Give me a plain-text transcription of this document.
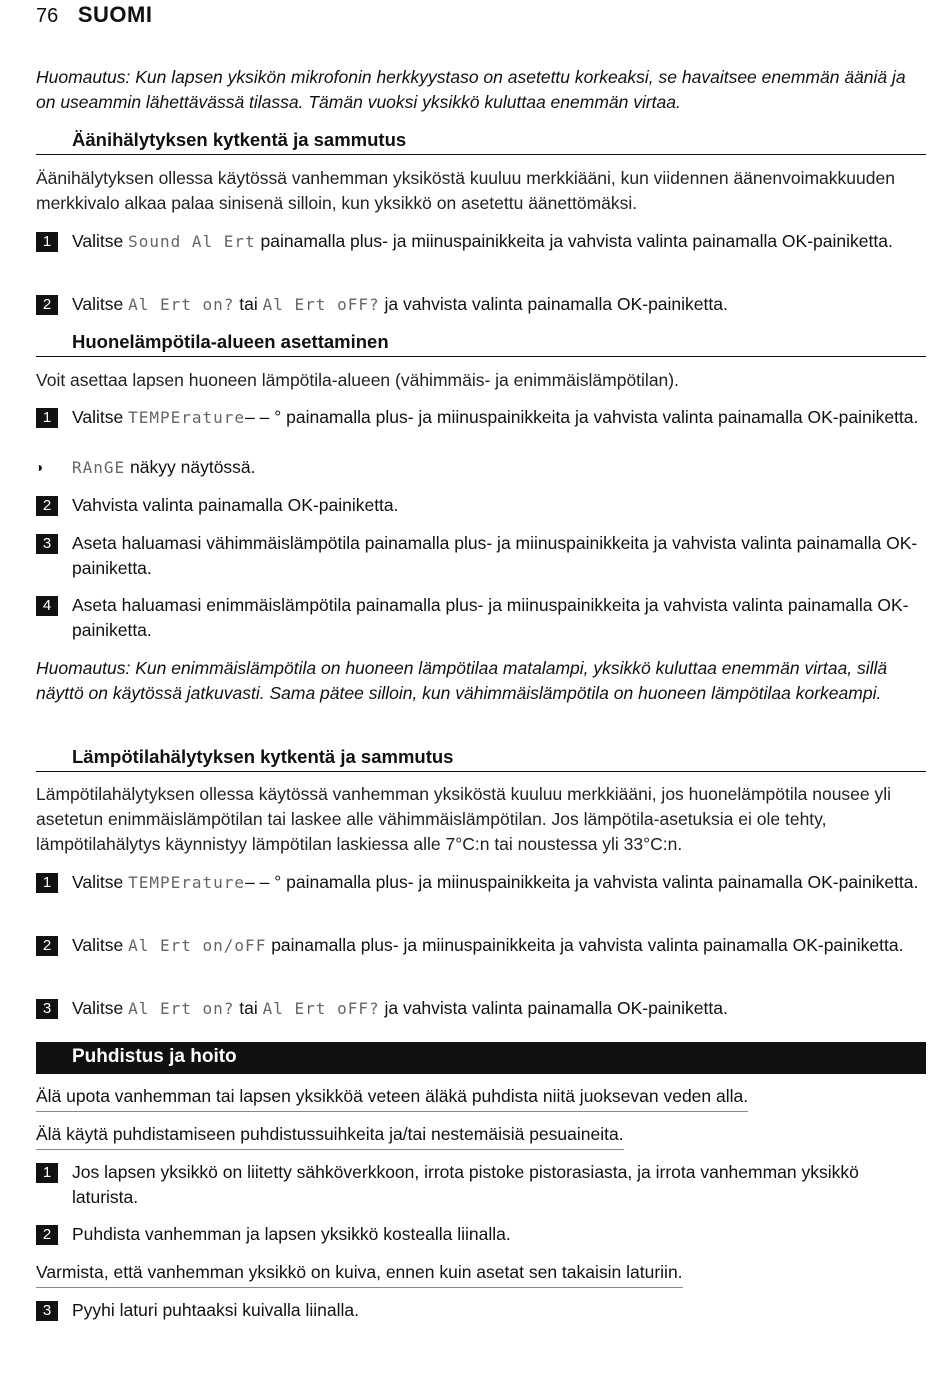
76 SUOMI
Huomautus: Kun lapsen yksikön mikrofonin herkkyystaso on asetettu korkeaksi, se havaitsee enemmän ääniä ja on useammin lähettävässä tilassa. Tämän vuoksi yksikkö kuluttaa enemmän virtaa.
Äänihälytyksen kytkentä ja sammutus
Äänihälytyksen ollessa käytössä vanhemman yksiköstä kuuluu merkkiääni, kun viidennen äänenvoimakkuuden merkkivalo alkaa palaa sinisenä silloin, kun yksikkö on asetettu äänettömäksi.
1	Valitse Sound Al Ert painamalla plus- ja miinuspainikkeita ja vahvista valinta painamalla OK-painiketta.
2	Valitse Al Ert on? tai Al Ert oFF? ja vahvista valinta painamalla OK-painiketta.
Huonelämpötila-alueen asettaminen
Voit asettaa lapsen huoneen lämpötila-alueen (vähimmäis- ja enimmäislämpötilan).
1	Valitse TEMPErature– – ° painamalla plus- ja miinuspainikkeita ja vahvista valinta painamalla OK-painiketta.
◗ RAnGE näkyy näytössä.
2	Vahvista valinta painamalla OK-painiketta.
3	Aseta haluamasi vähimmäislämpötila painamalla plus- ja miinuspainikkeita ja vahvista valinta painamalla OK-painiketta.
4	Aseta haluamasi enimmäislämpötila painamalla plus- ja miinuspainikkeita ja vahvista valinta painamalla OK-painiketta.
Huomautus: Kun enimmäislämpötila on huoneen lämpötilaa matalampi, yksikkö kuluttaa enemmän virtaa, sillä näyttö on käytössä jatkuvasti. Sama pätee silloin, kun vähimmäislämpötila on huoneen lämpötilaa korkeampi.
Lämpötilahälytyksen kytkentä ja sammutus
Lämpötilahälytyksen ollessa käytössä vanhemman yksiköstä kuuluu merkkiääni, jos huonelämpötila nousee yli asetetun enimmäislämpötilan tai laskee alle vähimmäislämpötilan. Jos lämpötila-asetuksia ei ole tehty, lämpötilahälytys käynnistyy lämpötilan laskiessa alle 7°C:n tai noustessa yli 33°C:n.
1	Valitse TEMPErature– – ° painamalla plus- ja miinuspainikkeita ja vahvista valinta painamalla OK-painiketta.
2	Valitse Al Ert on/oFF painamalla plus- ja miinuspainikkeita ja vahvista valinta painamalla OK-painiketta.
3	Valitse Al Ert on? tai Al Ert oFF? ja vahvista valinta painamalla OK-painiketta.
Puhdistus ja hoito
Älä upota vanhemman tai lapsen yksikköä veteen äläkä puhdista niitä juoksevan veden alla.
Älä käytä puhdistamiseen puhdistussuihkeita ja/tai nestemäisiä pesuaineita.
1	Jos lapsen yksikkö on liitetty sähköverkkoon, irrota pistoke pistorasiasta, ja irrota vanhemman yksikkö laturista.
2	Puhdista vanhemman ja lapsen yksikkö kostealla liinalla.
Varmista, että vanhemman yksikkö on kuiva, ennen kuin asetat sen takaisin laturiin.
3	Pyyhi laturi puhtaaksi kuivalla liinalla.
